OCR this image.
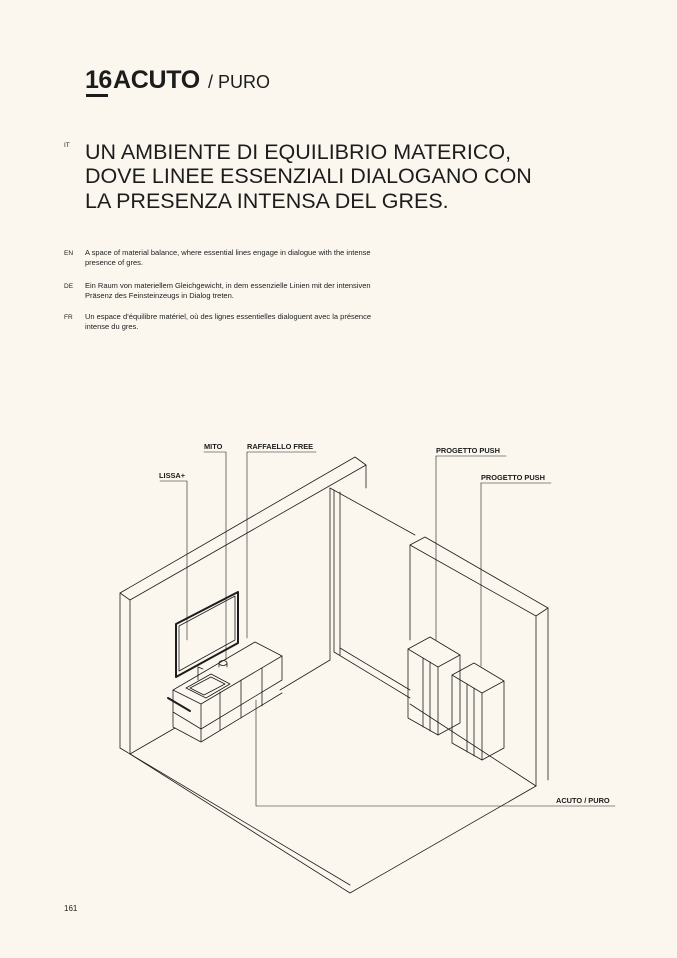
16 ACUTO / PURO
IT UN AMBIENTE DI EQUILIBRIO MATERICO, DOVE LINEE ESSENZIALI DIALOGANO CON LA PRESENZA INTENSA DEL GRES.
EN A space of material balance, where essential lines engage in dialogue with the intense presence of gres.
DE Ein Raum von materiellem Gleichgewicht, in dem essenzielle Linien mit der intensiven Präsenz des Feinsteinzeugs in Dialog treten.
FR Un espace d’équilibre matériel, où des lignes essentielles dialoguent avec la présence intense du gres.
LISSA+
MITO	RAFFAELLO FREE	PROGETTO PUSH
PROGETTO PUSH
ACUTO / PURO
161
